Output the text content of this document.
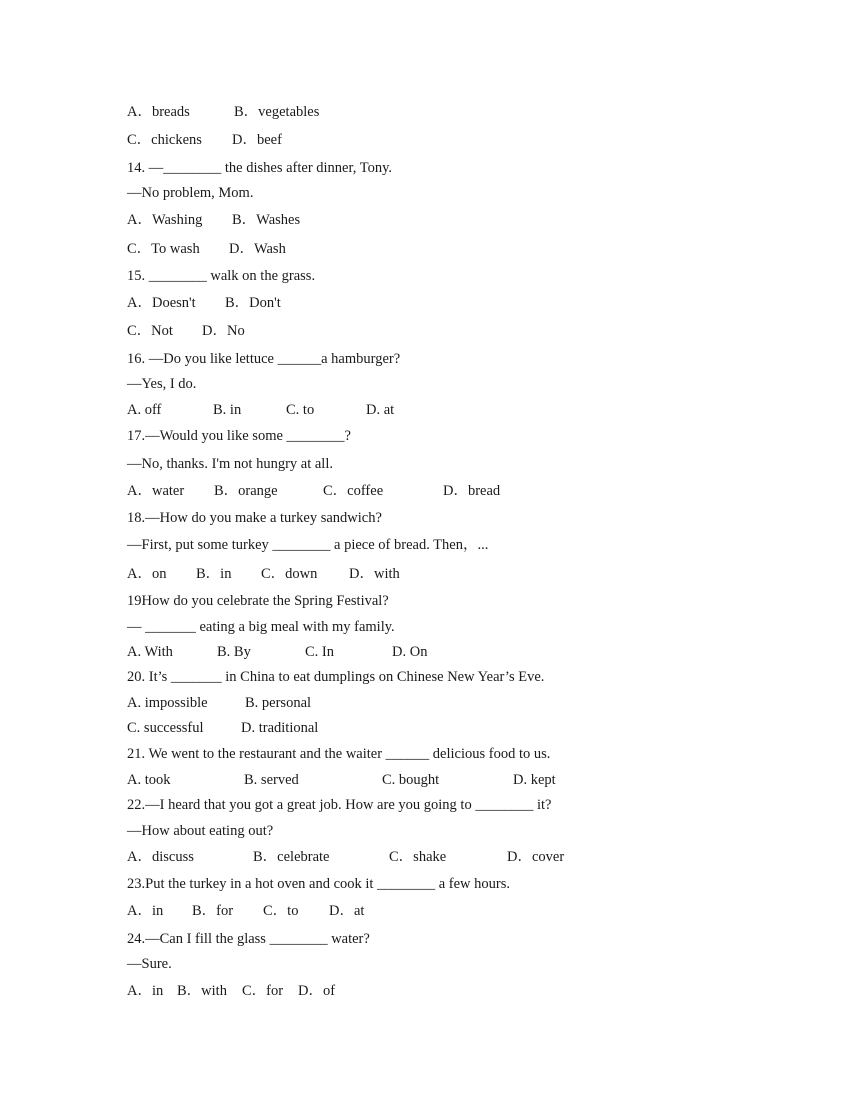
A．breads	B．vegetables
C．chickens D．beef
14. —________ the dishes after dinner, Tony.
—No problem, Mom.
A．Washing B．Washes
C．To wash D．Wash
15. ________ walk on the grass.
A．Doesn't B．Don't
C．Not D．No
16. —Do you like lettuce ______a hamburger?
—Yes, I do.
A. off	B. in	C. to	D. at
17.—Would you like some ________?
—No, thanks. I'm not hungry at all.
A．water B．orange	C．coffee	D．bread
18.—How do you make a turkey sandwich?
—First, put some turkey ________ a piece of bread. Then，...
A．on B．in C．down D．with
19How do you celebrate the Spring Festival?
— _______ eating a big meal with my family.
A. With	B. By	C. In	D. On
20. It’s _______ in China to eat dumplings on Chinese New Year’s Eve.
A. impossible	B. personal
C. successful	D. traditional
21. We went to the restaurant and the waiter ______ delicious food to us.
A. took	B. served	C. bought	D. kept
22.—I heard that you got a great job. How are you going to ________ it?
—How about eating out?
A．discuss	B．celebrate	C．shake	D．cover
23.Put the turkey in a hot oven and cook it ________ a few hours.
A．in B．for C．to D．at
24.—Can I fill the glass ________ water?
—Sure.
A．in B．with C．for D．of
